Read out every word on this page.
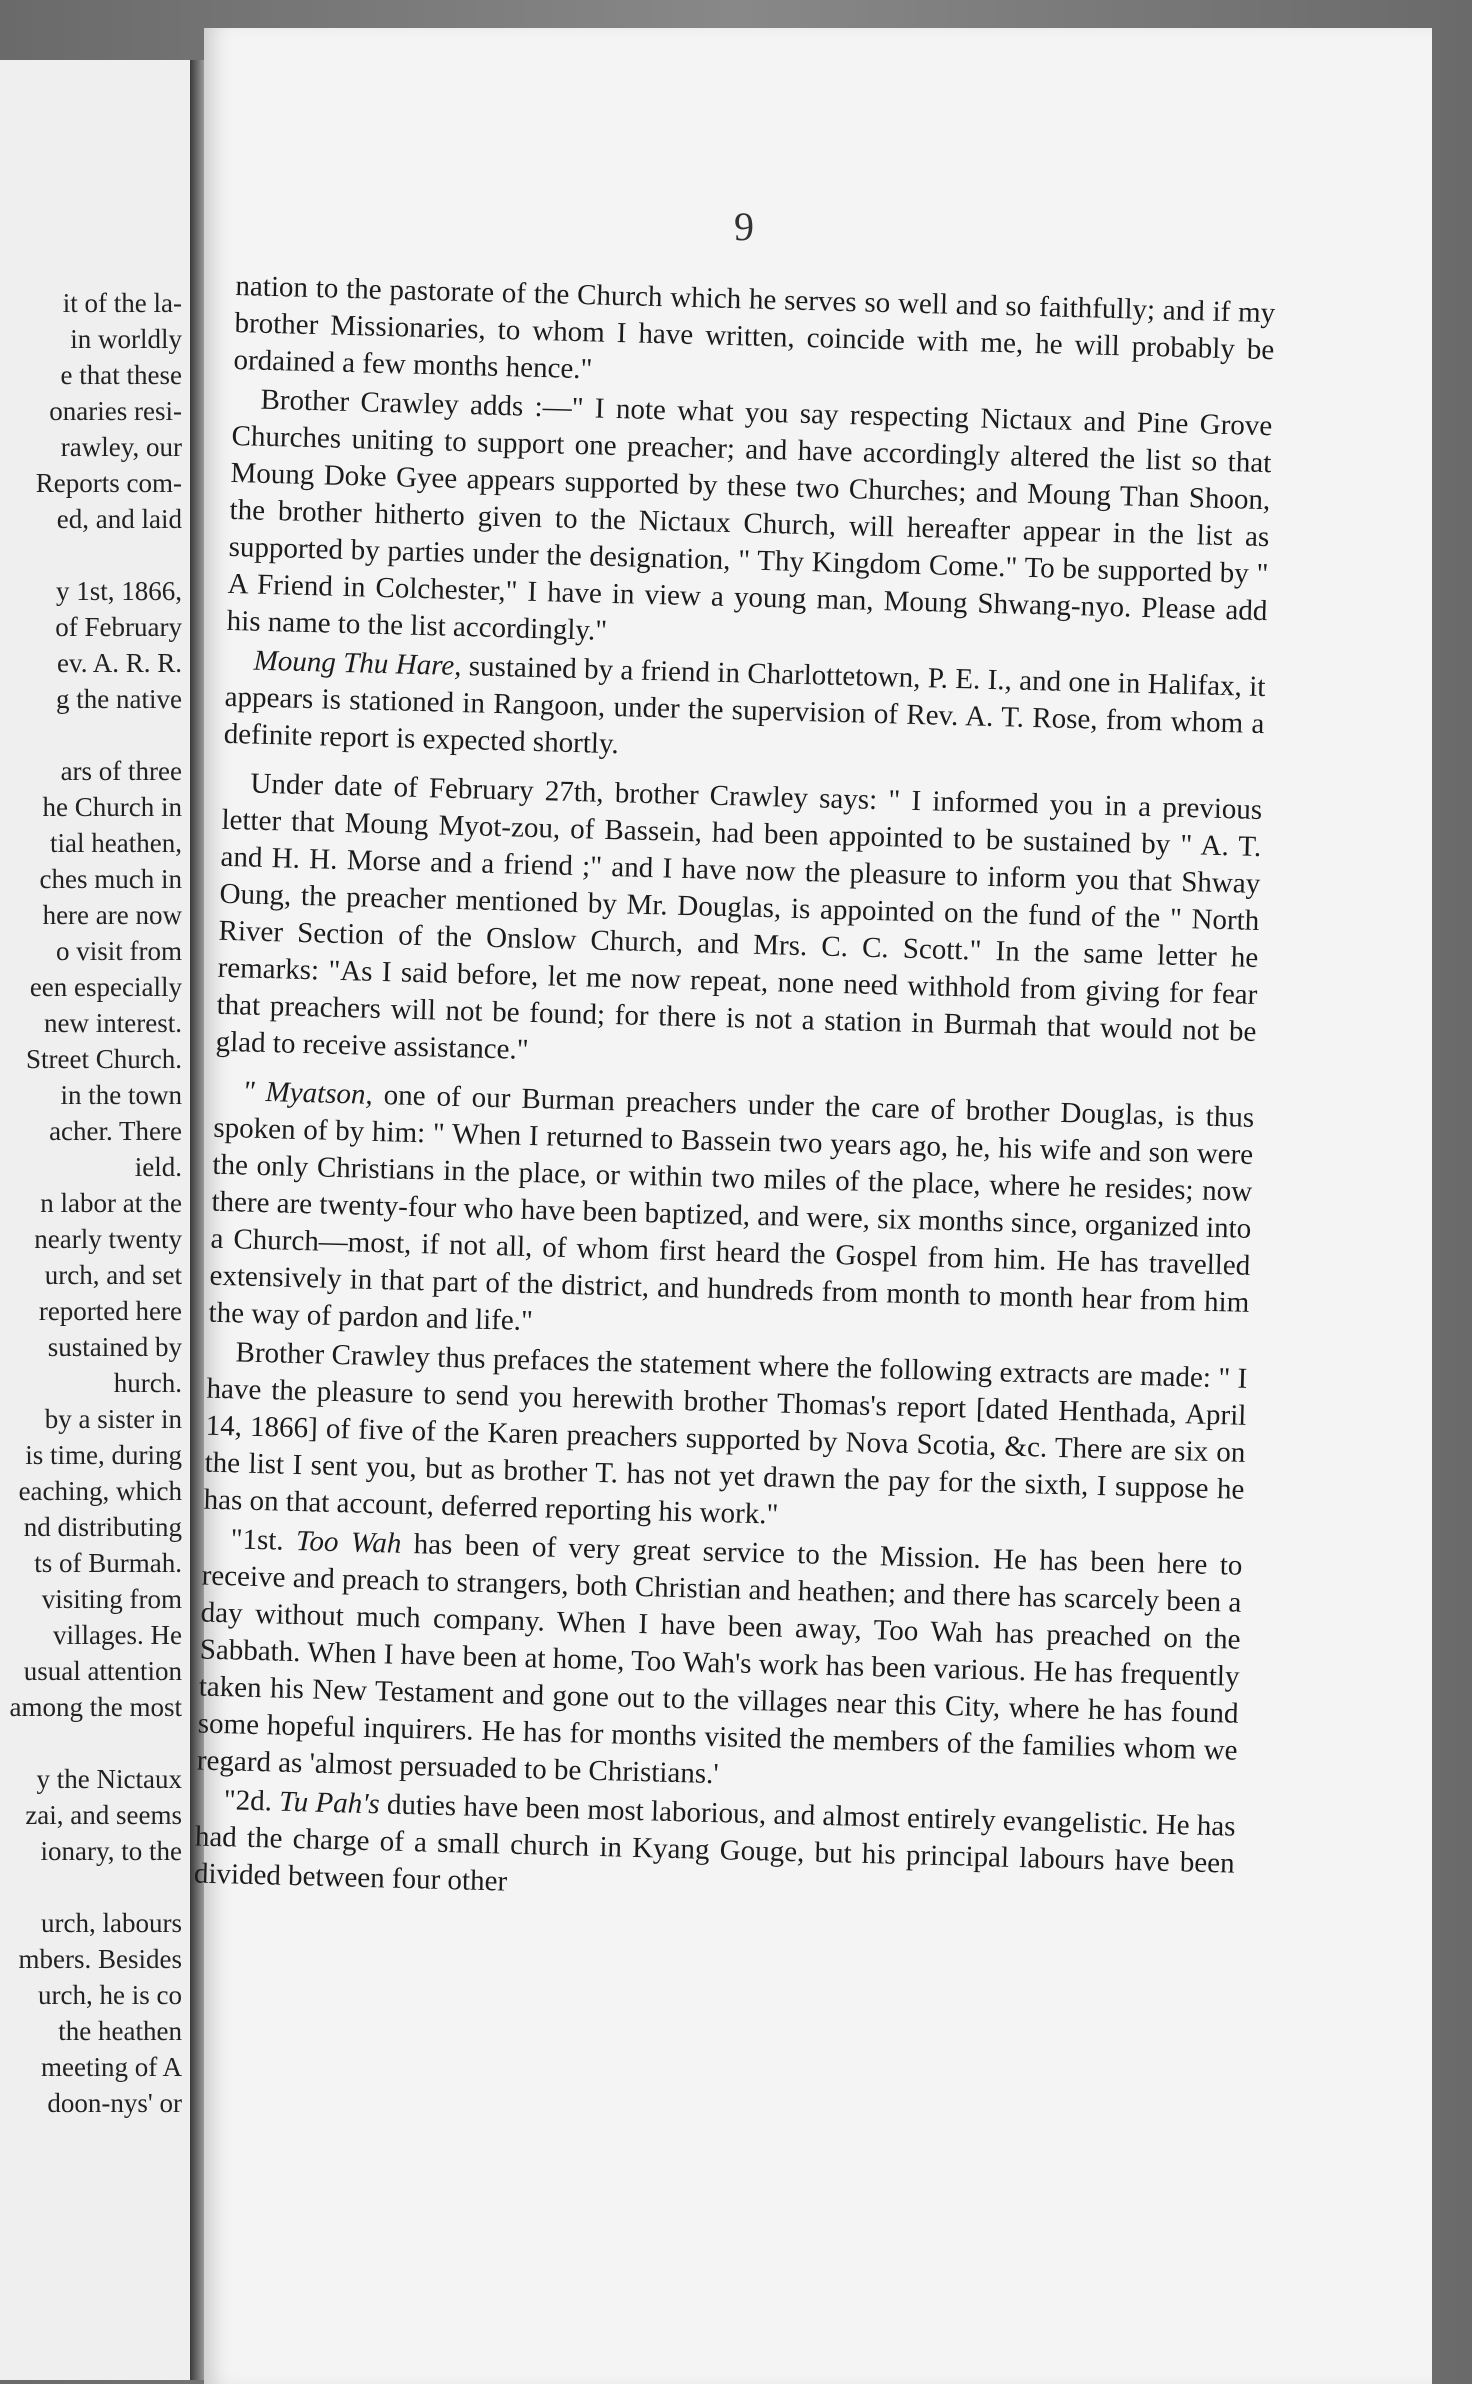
it of the la-
in worldly
e that these
onaries resi-
rawley, our
Reports com-
ed, and laid

y 1st, 1866,
of February
ev. A. R. R.
g the native

ars of three
he Church in
tial heathen,
ches much in
here are now
o visit from
een especially
new interest.
Street Church.
in the town
acher. There
ield.
n labor at the
nearly twenty
urch, and set
reported here
sustained by
hurch.
by a sister in
is time, during
eaching, which
nd distributing
ts of Burmah.
visiting from
villages. He
usual attention
among the most

y the Nictaux
zai, and seems
ionary, to the

urch, labours
mbers. Besides
urch, he is co
the heathen
meeting of A
doon-nys' or
9

nation to the pastorate of the Church which he serves so well and so faithfully; and if my brother Missionaries, to whom I have written, coincide with me, he will probably be ordained a few months hence."

Brother Crawley adds :—" I note what you say respecting Nictaux and Pine Grove Churches uniting to support one preacher; and have accordingly altered the list so that Moung Doke Gyee appears supported by these two Churches; and Moung Than Shoon, the brother hitherto given to the Nictaux Church, will hereafter appear in the list as supported by parties under the designation, " Thy Kingdom Come." To be supported by " A Friend in Colchester," I have in view a young man, Moung Shwang-nyo. Please add his name to the list accordingly."

Moung Thu Hare, sustained by a friend in Charlottetown, P. E. I., and one in Halifax, it appears is stationed in Rangoon, under the supervision of Rev. A. T. Rose, from whom a definite report is expected shortly.

Under date of February 27th, brother Crawley says: " I informed you in a previous letter that Moung Myot-zou, of Bassein, had been appointed to be sustained by " A. T. and H. H. Morse and a friend ;" and I have now the pleasure to inform you that Shway Oung, the preacher mentioned by Mr. Douglas, is appointed on the fund of the " North River Section of the Onslow Church, and Mrs. C. C. Scott." In the same letter he remarks: "As I said before, let me now repeat, none need withhold from giving for fear that preachers will not be found; for there is not a station in Burmah that would not be glad to receive assistance."

" Myatson, one of our Burman preachers under the care of brother Douglas, is thus spoken of by him: " When I returned to Bassein two years ago, he, his wife and son were the only Christians in the place, or within two miles of the place, where he resides; now there are twenty-four who have been baptized, and were, six months since, organized into a Church—most, if not all, of whom first heard the Gospel from him. He has travelled extensively in that part of the district, and hundreds from month to month hear from him the way of pardon and life."

Brother Crawley thus prefaces the statement where the following extracts are made: " I have the pleasure to send you herewith brother Thomas's report [dated Henthada, April 14, 1866] of five of the Karen preachers supported by Nova Scotia, &c. There are six on the list I sent you, but as brother T. has not yet drawn the pay for the sixth, I suppose he has on that account, deferred reporting his work."

"1st. Too Wah has been of very great service to the Mission. He has been here to receive and preach to strangers, both Christian and heathen; and there has scarcely been a day without much company. When I have been away, Too Wah has preached on the Sabbath. When I have been at home, Too Wah's work has been various. He has frequently taken his New Testament and gone out to the villages near this City, where he has found some hopeful inquirers. He has for months visited the members of the families whom we regard as 'almost persuaded to be Christians.'

"2d. Tu Pah's duties have been most laborious, and almost entirely evangelistic. He has had the charge of a small church in Kyang Gouge, but his principal labours have been divided between four other
